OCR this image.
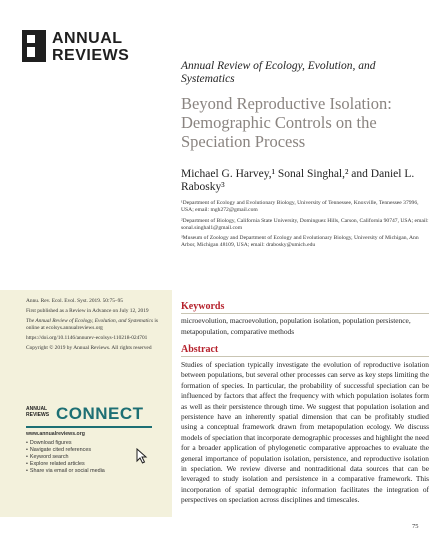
ANNUAL
REVIEWS
Annual Review of Ecology, Evolution, and Systematics
Beyond Reproductive Isolation: Demographic Controls on the Speciation Process
Michael G. Harvey,¹ Sonal Singhal,² and Daniel L. Rabosky³

¹Department of Ecology and Evolutionary Biology, University of Tennessee, Knoxville, Tennessee 37996, USA; email: mgh272@gmail.com

²Department of Biology, California State University, Dominguez Hills, Carson, California 90747, USA; email: sonal.singhal1@gmail.com

³Museum of Zoology and Department of Ecology and Evolutionary Biology, University of Michigan, Ann Arbor, Michigan 48109, USA; email: drabosky@umich.edu

Annu. Rev. Ecol. Evol. Syst. 2019. 50:75–95

First published as a Review in Advance on July 12, 2019

The Annual Review of Ecology, Evolution, and Systematics is online at ecolsys.annualreviews.org

https://doi.org/10.1146/annurev-ecolsys-110218-024701

Copyright © 2019 by Annual Reviews. All rights reserved

ANNUAL
REVIEWS CONNECT
www.annualreviews.org
• Download figures
• Navigate cited references
• Keyword search
• Explore related articles
• Share via email or social media
Keywords
microevolution, macroevolution, population isolation, population persistence, metapopulation, comparative methods
Abstract
Studies of speciation typically investigate the evolution of reproductive isolation between populations, but several other processes can serve as key steps limiting the formation of species. In particular, the probability of successful speciation can be influenced by factors that affect the frequency with which population isolates form as well as their persistence through time. We suggest that population isolation and persistence have an inherently spatial dimension that can be profitably studied using a conceptual framework drawn from metapopulation ecology. We discuss models of speciation that incorporate demographic processes and highlight the need for a broader application of phylogenetic comparative approaches to evaluate the general importance of population isolation, persistence, and reproductive isolation in speciation. We review diverse and nontraditional data sources that can be leveraged to study isolation and persistence in a comparative framework. This incorporation of spatial demographic information facilitates the integration of perspectives on speciation across disciplines and timescales.
75
